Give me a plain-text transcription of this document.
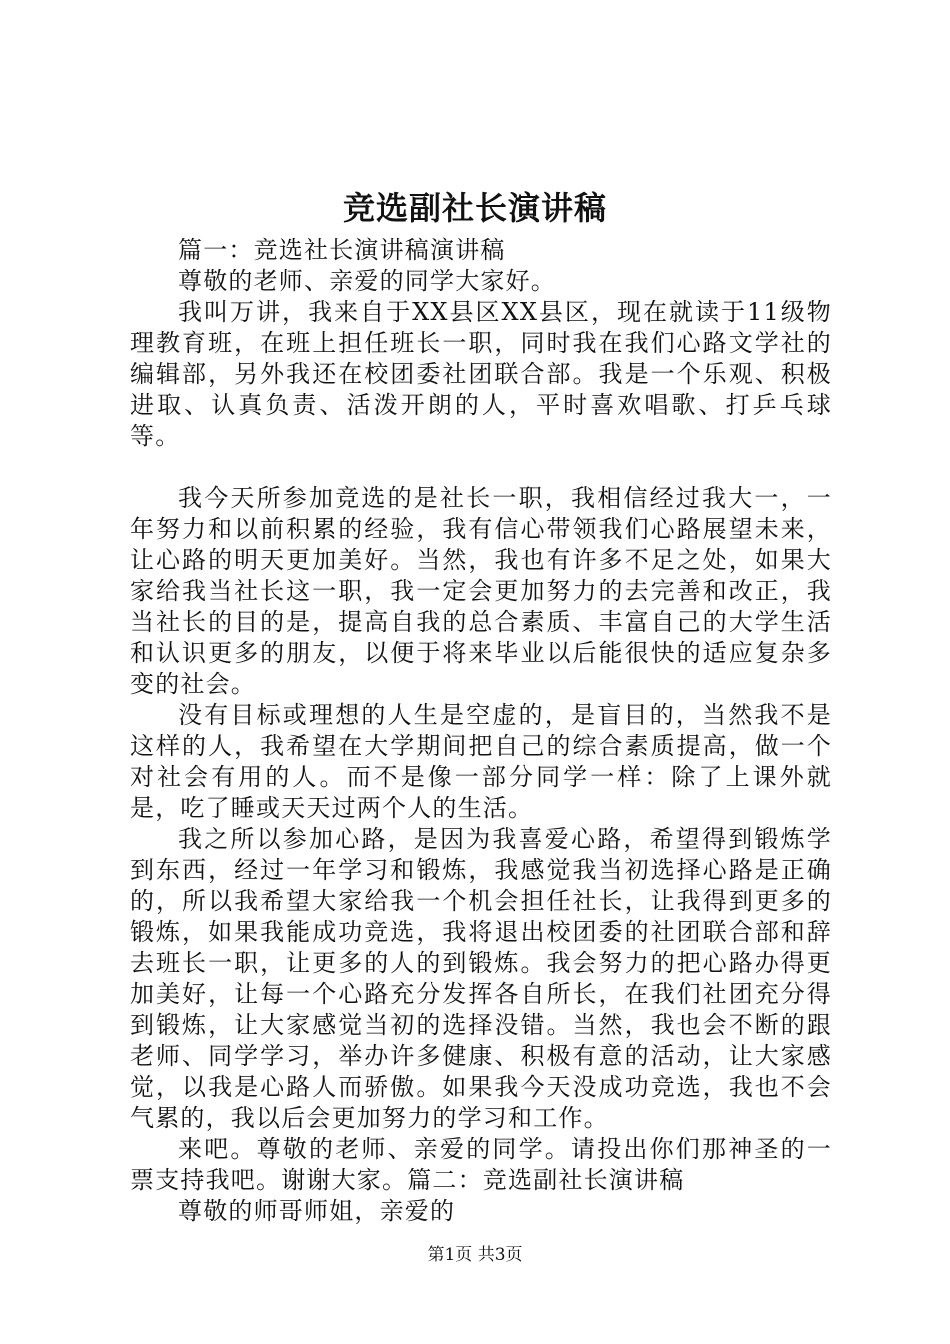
竞选副社长演讲稿

篇一：竞选社长演讲稿演讲稿

尊敬的老师、亲爱的同学大家好。

我叫万讲，我来自于XX县区XX县区，现在就读于11级物理教育班，在班上担任班长一职，同时我在我们心路文学社的编辑部，另外我还在校团委社团联合部。我是一个乐观、积极进取、认真负责、活泼开朗的人，平时喜欢唱歌、打乒乓球等。

我今天所参加竞选的是社长一职，我相信经过我大一，一年努力和以前积累的经验，我有信心带领我们心路展望未来，让心路的明天更加美好。当然，我也有许多不足之处，如果大家给我当社长这一职，我一定会更加努力的去完善和改正，我当社长的目的是，提高自我的总合素质、丰富自己的大学生活和认识更多的朋友，以便于将来毕业以后能很快的适应复杂多变的社会。

没有目标或理想的人生是空虚的，是盲目的，当然我不是这样的人，我希望在大学期间把自己的综合素质提高，做一个对社会有用的人。而不是像一部分同学一样：除了上课外就是，吃了睡或天天过两个人的生活。

我之所以参加心路，是因为我喜爱心路，希望得到锻炼学到东西，经过一年学习和锻炼，我感觉我当初选择心路是正确的，所以我希望大家给我一个机会担任社长，让我得到更多的锻炼，如果我能成功竞选，我将退出校团委的社团联合部和辞去班长一职，让更多的人的到锻炼。我会努力的把心路办得更加美好，让每一个心路充分发挥各自所长，在我们社团充分得到锻炼，让大家感觉当初的选择没错。当然，我也会不断的跟老师、同学学习，举办许多健康、积极有意的活动，让大家感觉，以我是心路人而骄傲。如果我今天没成功竞选，我也不会气累的，我以后会更加努力的学习和工作。

来吧。尊敬的老师、亲爱的同学。请投出你们那神圣的一票支持我吧。谢谢大家。篇二：竞选副社长演讲稿

尊敬的师哥师姐，亲爱的

第1页 共3页
